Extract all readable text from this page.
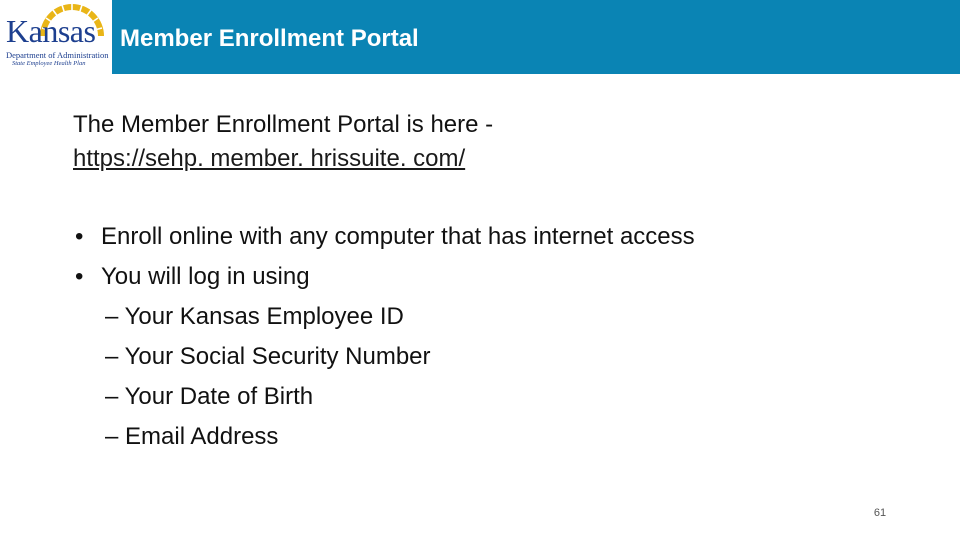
Kansas
Department of Administration
State Employee Health Plan
Member Enrollment Portal
The Member Enrollment Portal is here -
https://sehp. member. hrissuite. com/
• Enroll online with any computer that has internet access
• You will log in using
– Your Kansas Employee ID
– Your Social Security Number
– Your Date of Birth
– Email Address
61
